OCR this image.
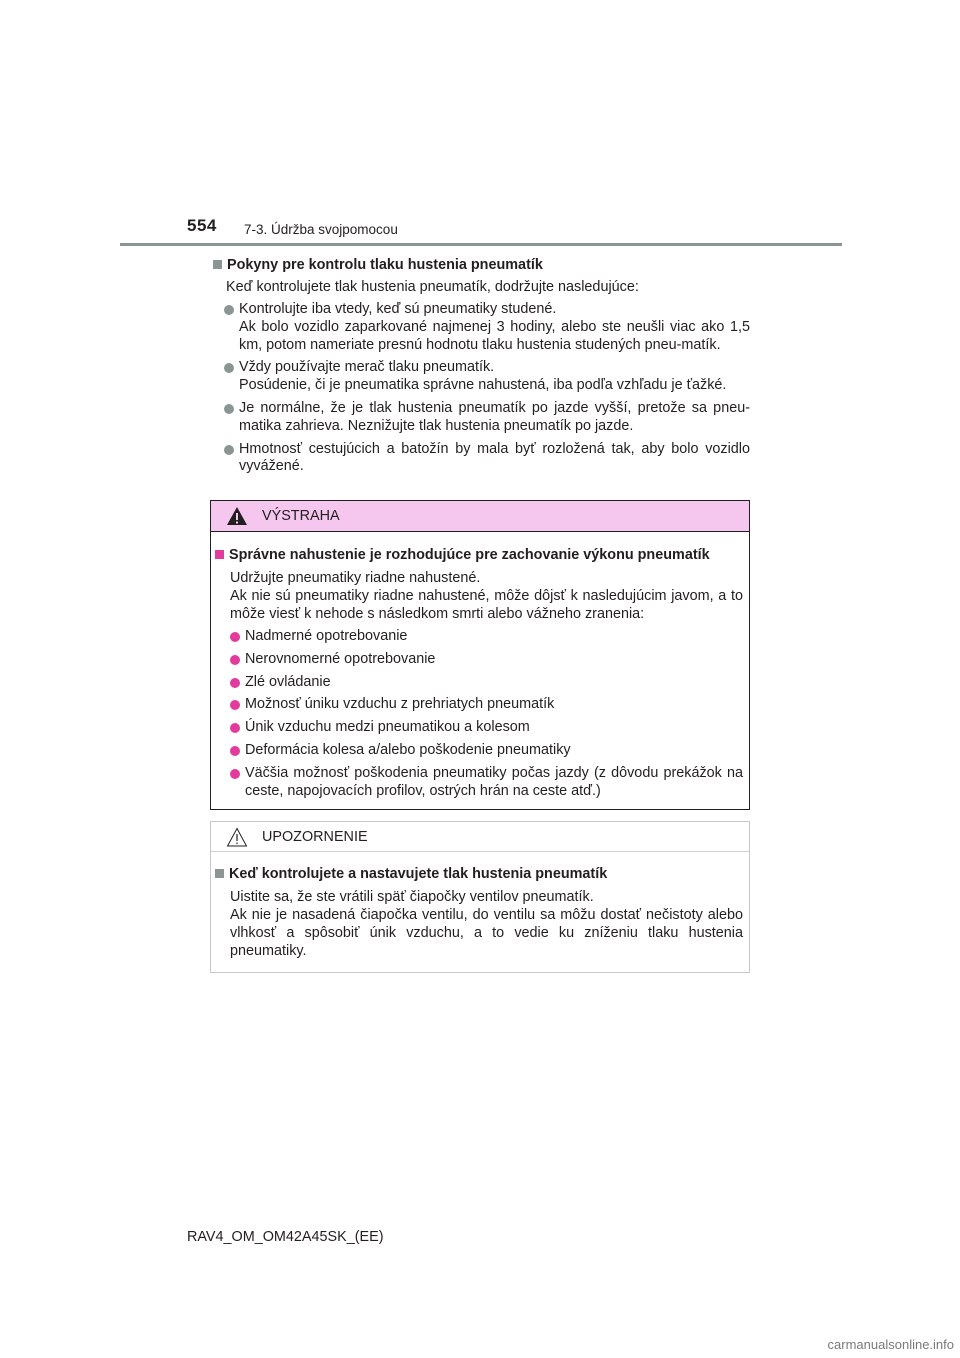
554 7-3. Údržba svojpomocou

Pokyny pre kontrolu tlaku hustenia pneumatík

Keď kontrolujete tlak hustenia pneumatík, dodržujte nasledujúce:

Kontrolujte iba vtedy, keď sú pneumatiky studené.
Ak bolo vozidlo zaparkované najmenej 3 hodiny, alebo ste neušli viac ako 1,5 km, potom nameriate presnú hodnotu tlaku hustenia studených pneu-matík.
Vždy používajte merač tlaku pneumatík.
Posúdenie, či je pneumatika správne nahustená, iba podľa vzhľadu je ťažké.
Je normálne, že je tlak hustenia pneumatík po jazde vyšší, pretože sa pneu-matika zahrieva. Neznižujte tlak hustenia pneumatík po jazde.
Hmotnosť cestujúcich a batožín by mala byť rozložená tak, aby bolo vozidlo vyvážené.
VÝSTRAHA

Správne nahustenie je rozhodujúce pre zachovanie výkonu pneumatík

Udržujte pneumatiky riadne nahustené.
Ak nie sú pneumatiky riadne nahustené, môže dôjsť k nasledujúcim javom, a to môže viesť k nehode s následkom smrti alebo vážneho zranenia:

Nadmerné opotrebovanie
Nerovnomerné opotrebovanie
Zlé ovládanie
Možnosť úniku vzduchu z prehriatych pneumatík
Únik vzduchu medzi pneumatikou a kolesom
Deformácia kolesa a/alebo poškodenie pneumatiky
Väčšia možnosť poškodenia pneumatiky počas jazdy (z dôvodu prekážok na ceste, napojovacích profilov, ostrých hrán na ceste atď.)
UPOZORNENIE

Keď kontrolujete a nastavujete tlak hustenia pneumatík

Uistite sa, že ste vrátili späť čiapočky ventilov pneumatík.
Ak nie je nasadená čiapočka ventilu, do ventilu sa môžu dostať nečistoty alebo vlhkosť a spôsobiť únik vzduchu, a to vedie ku zníženiu tlaku hustenia pneumatiky.

RAV4_OM_OM42A45SK_(EE)
carmanualsonline.info
